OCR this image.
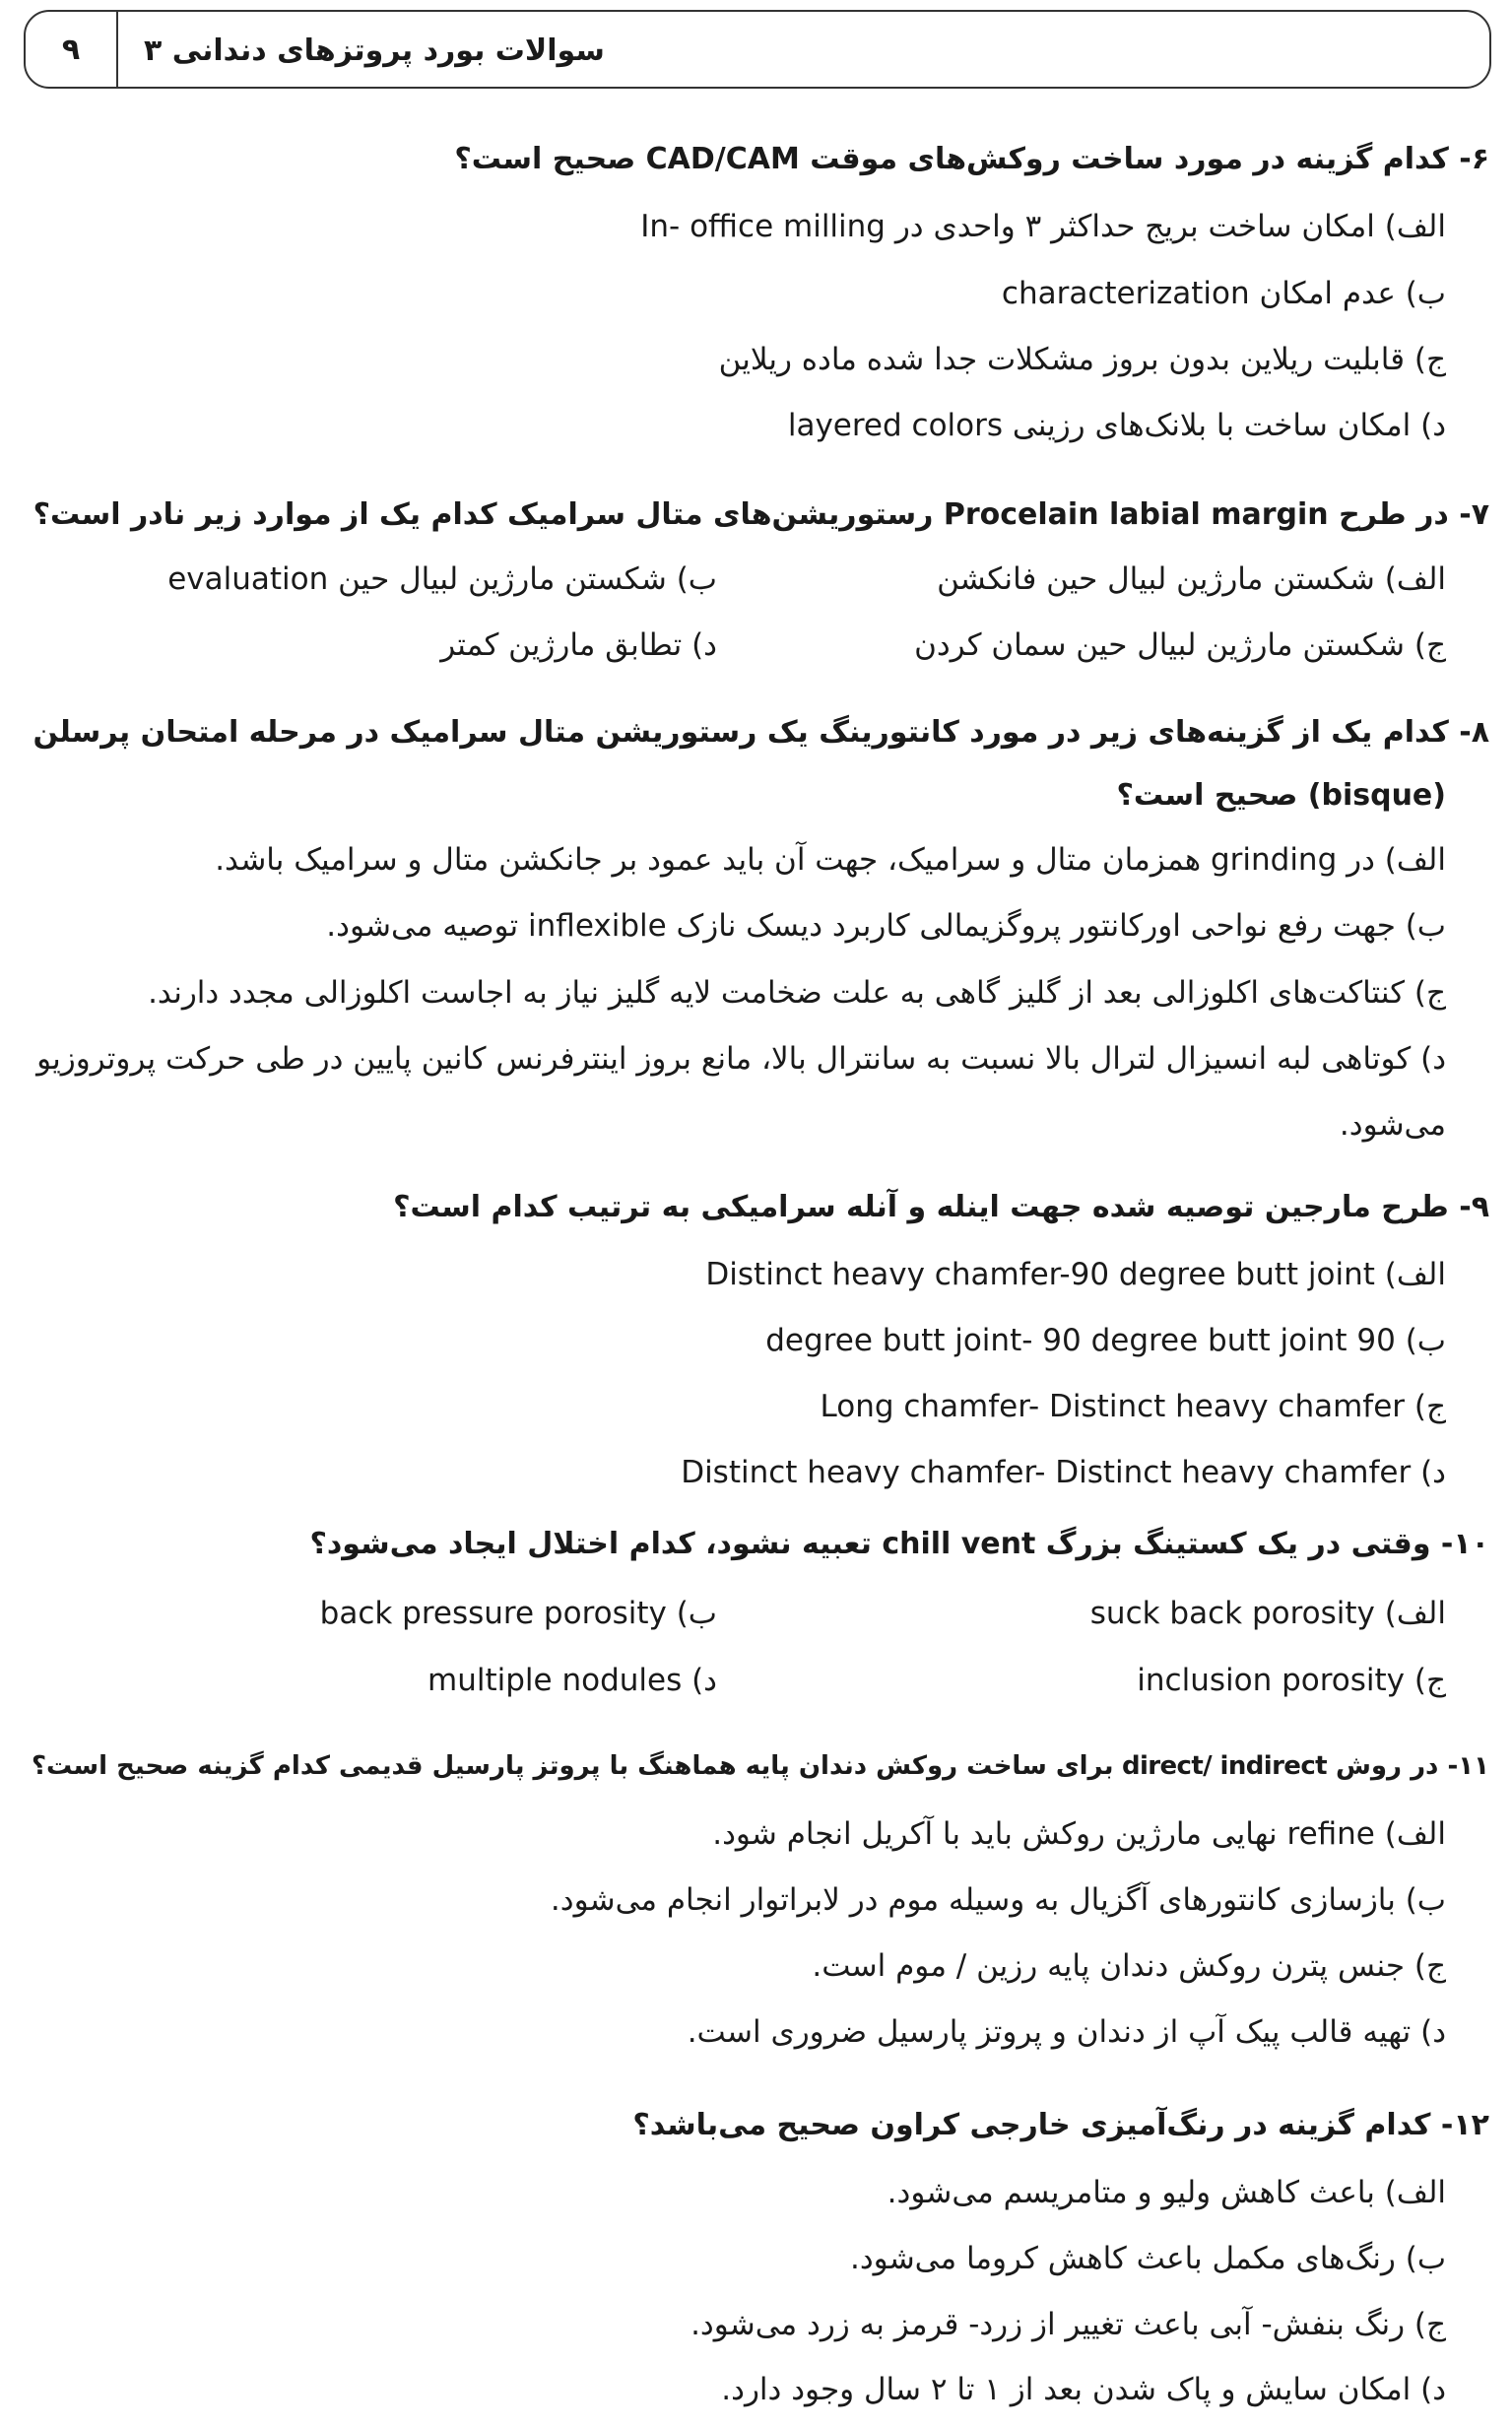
۹	سوالات بورد پروتزهای دندانی ۳
۶- کدام گزینه در مورد ساخت روکش‌های موقت CAD/CAM صحیح است؟
الف) امکان ساخت بریج حداکثر ۳ واحدی در In- office milling
ب) عدم امکان characterization
ج) قابلیت ریلاین بدون بروز مشکلات جدا شده ماده ریلاین
د) امکان ساخت با بلانک‌های رزینی layered colors
۷- در طرح Procelain labial margin رستوریشن‌های متال سرامیک کدام یک از موارد زیر نادر است؟
الف) شکستن مارژین لبیال حین فانکشن
ب) شکستن مارژین لبیال حین evaluation
ج) شکستن مارژین لبیال حین سمان کردن
د) تطابق مارژین کمتر
۸- کدام یک از گزینه‌های زیر در مورد کانتورینگ یک رستوریشن متال سرامیک در مرحله امتحان پرسلن
(bisque) صحیح است؟
الف) در grinding همزمان متال و سرامیک، جهت آن باید عمود بر جانکشن متال و سرامیک باشد.
ب) جهت رفع نواحی اورکانتور پروگزیمالی کاربرد دیسک نازک inflexible توصیه می‌شود.
ج) کنتاکت‌های اکلوزالی بعد از گلیز گاهی به علت ضخامت لایه گلیز نیاز به اجاست اکلوزالی مجدد دارند.
د) کوتاهی لبه انسیزال لترال بالا نسبت به سانترال بالا، مانع بروز اینترفرنس کانین پایین در طی حرکت پروتروزیو
می‌شود.
۹- طرح مارجین توصیه شده جهت اینله و آنله سرامیکی به ترتیب کدام است؟
الف) Distinct heavy chamfer-90 degree butt joint
ب) 90 degree butt joint- 90 degree butt joint
ج) Long chamfer- Distinct heavy chamfer
د) Distinct heavy chamfer- Distinct heavy chamfer
۱۰- وقتی در یک کستینگ بزرگ chill vent تعبیه نشود، کدام اختلال ایجاد می‌شود؟
الف) suck back porosity
ب) back pressure porosity
ج) inclusion porosity
د) multiple nodules
۱۱- در روش direct/ indirect برای ساخت روکش دندان پایه هماهنگ با پروتز پارسیل قدیمی کدام گزینه صحیح است؟
الف) refine نهایی مارژین روکش باید با آکریل انجام شود.
ب) بازسازی کانتورهای آگزیال به وسیله موم در لابراتوار انجام می‌شود.
ج) جنس پترن روکش دندان پایه رزین / موم است.
د) تهیه قالب پیک آپ از دندان و پروتز پارسیل ضروری است.
۱۲- کدام گزینه در رنگ‌آمیزی خارجی کراون صحیح می‌باشد؟
الف) باعث کاهش ولیو و متامریسم می‌شود.
ب) رنگ‌های مکمل باعث کاهش کروما می‌شود.
ج) رنگ بنفش- آبی باعث تغییر از زرد- قرمز به زرد می‌شود.
د) امکان سایش و پاک شدن بعد از ۱ تا ۲ سال وجود دارد.
